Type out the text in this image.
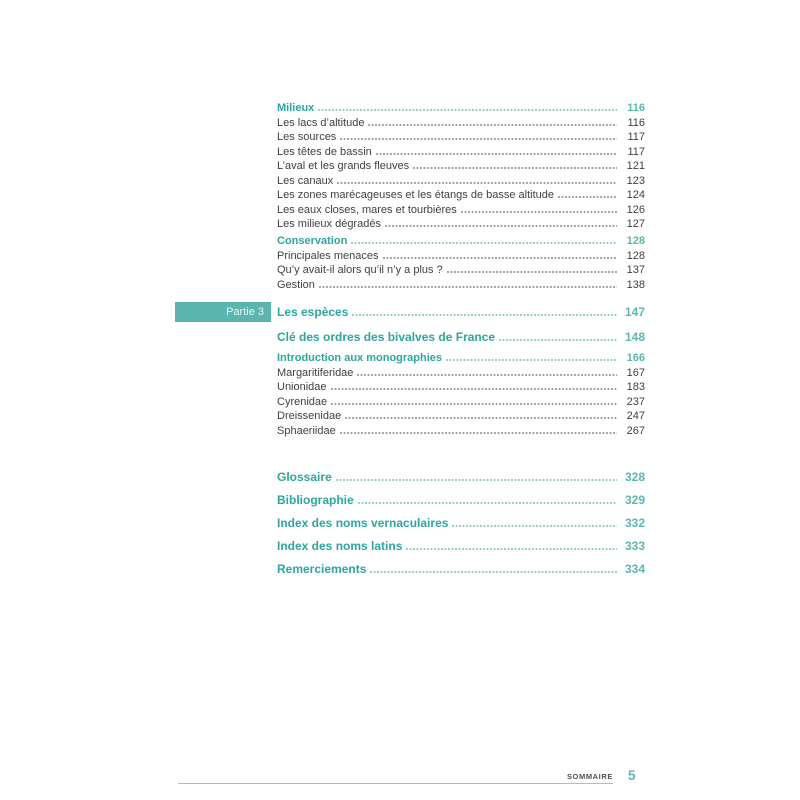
Milieux	116
Les lacs d’altitude	116
Les sources	117
Les têtes de bassin	117
L’aval et les grands fleuves	121
Les canaux	123
Les zones marécageuses et les étangs de basse altitude	124
Les eaux closes, mares et tourbières	126
Les milieux dégradés	127
Conservation	128
Principales menaces	128
Qu’y avait-il alors qu’il n’y a plus ?	137
Gestion	138
Partie 3	Les espèces	147
Clé des ordres des bivalves de France	148
Introduction aux monographies	166
Margaritiferidae	167
Unionidae	183
Cyrenidae	237
Dreissenidae	247
Sphaeriidae	267
Glossaire	328
Bibliographie	329
Index des noms vernaculaires	332
Index des noms latins	333
Remerciements	334
SOMMAIRE 5
